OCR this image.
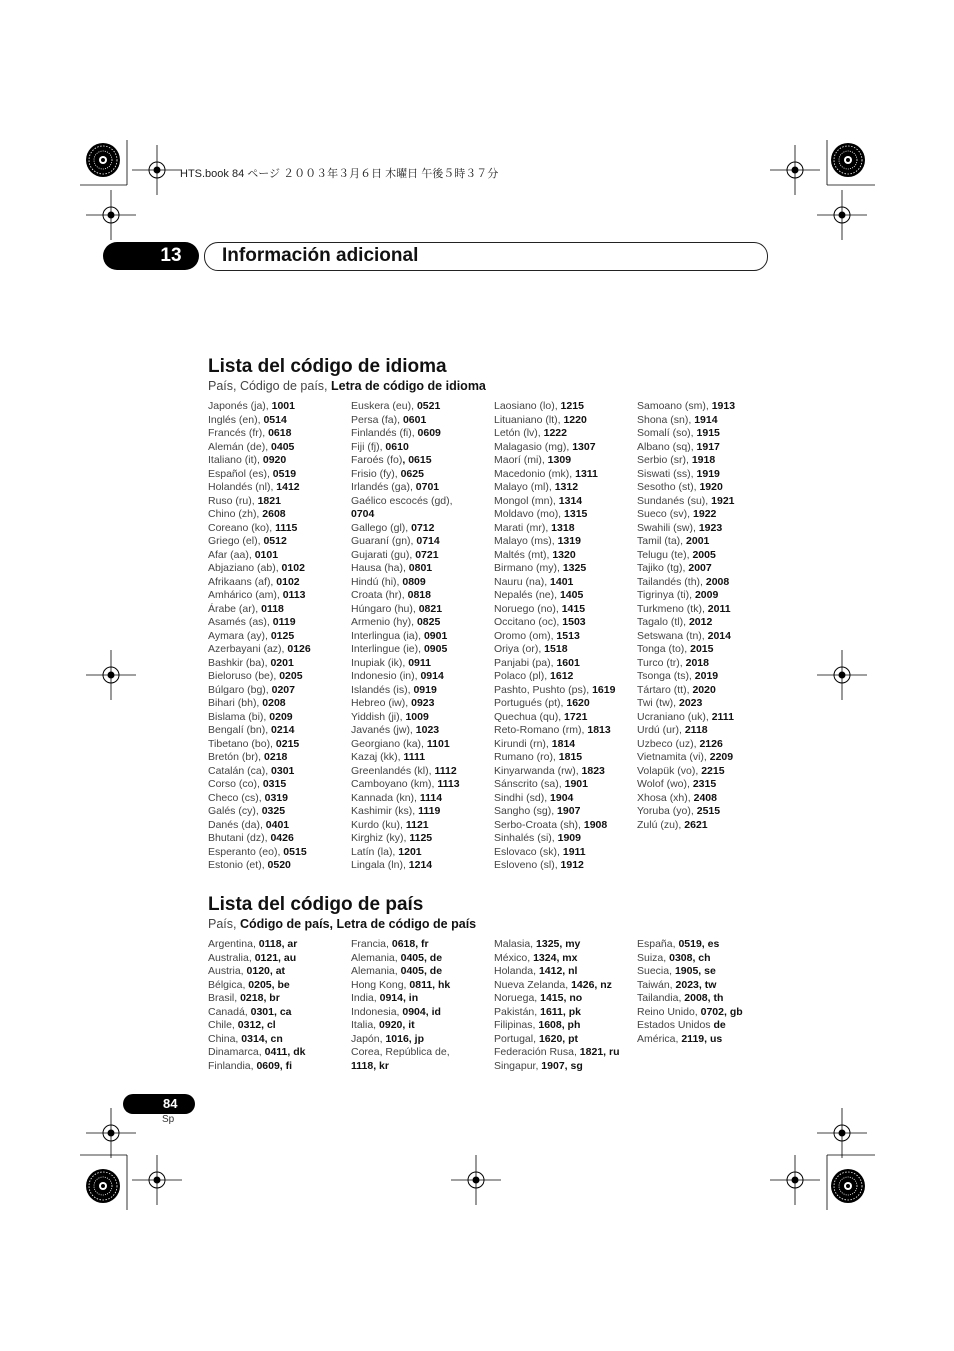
HTS.book 84 ページ ２００３年３月６日 木曜日 午後５時３７分
13	Información adicional
Lista del código de idioma
País, Código de país, Letra de código de idioma
Japonés (ja), 1001
Inglés (en), 0514
Francés (fr), 0618
Alemán (de), 0405
Italiano (it), 0920
Español (es), 0519
Holandés (nl), 1412
Ruso (ru), 1821
Chino (zh), 2608
Coreano (ko), 1115
Griego (el), 0512
Afar (aa), 0101
Abjaziano (ab), 0102
Afrikaans (af), 0102
Amhárico (am), 0113
Árabe (ar), 0118
Asamés (as), 0119
Aymara (ay), 0125
Azerbayani (az), 0126
Bashkir (ba), 0201
Bieloruso (be), 0205
Búlgaro (bg), 0207
Bihari (bh), 0208
Bislama (bi), 0209
Bengalí (bn), 0214
Tibetano (bo), 0215
Bretón (br), 0218
Catalán (ca), 0301
Corso (co), 0315
Checo (cs), 0319
Galés (cy), 0325
Danés (da), 0401
Bhutani (dz), 0426
Esperanto (eo), 0515
Estonio (et), 0520
Euskera (eu), 0521
Persa (fa), 0601
Finlandés (fi), 0609
Fiji (fj), 0610
Faroés (fo), 0615
Frisio (fy), 0625
Irlandés (ga), 0701
Gaélico escocés (gd),
0704
Gallego (gl), 0712
Guaraní (gn), 0714
Gujarati (gu), 0721
Hausa (ha), 0801
Hindú (hi), 0809
Croata (hr), 0818
Húngaro (hu), 0821
Armenio (hy), 0825
Interlingua (ia), 0901
Interlingue (ie), 0905
Inupiak (ik), 0911
Indonesio (in), 0914
Islandés (is), 0919
Hebreo (iw), 0923
Yiddish (ji), 1009
Javanés (jw), 1023
Georgiano (ka), 1101
Kazaj (kk), 1111
Greenlandés (kl), 1112
Camboyano (km), 1113
Kannada (kn), 1114
Kashimir (ks), 1119
Kurdo (ku), 1121
Kirghiz (ky), 1125
Latín (la), 1201
Lingala (ln), 1214
Laosiano (lo), 1215
Lituaniano (lt), 1220
Letón (lv), 1222
Malagasio (mg), 1307
Maorí (mi), 1309
Macedonio (mk), 1311
Malayo (ml), 1312
Mongol (mn), 1314
Moldavo (mo), 1315
Marati (mr), 1318
Malayo (ms), 1319
Maltés (mt), 1320
Birmano (my), 1325
Nauru (na), 1401
Nepalés (ne), 1405
Noruego (no), 1415
Occitano (oc), 1503
Oromo (om), 1513
Oriya (or), 1518
Panjabi (pa), 1601
Polaco (pl), 1612
Pashto, Pushto (ps), 1619
Portugués (pt), 1620
Quechua (qu), 1721
Reto-Romano (rm), 1813
Kirundi (rn), 1814
Rumano (ro), 1815
Kinyarwanda (rw), 1823
Sánscrito (sa), 1901
Sindhi (sd), 1904
Sangho (sg), 1907
Serbo-Croata (sh), 1908
Sinhalés (si), 1909
Eslovaco (sk), 1911
Esloveno (sl), 1912
Samoano (sm), 1913
Shona (sn), 1914
Somalí (so), 1915
Albano (sq), 1917
Serbio (sr), 1918
Siswati (ss), 1919
Sesotho (st), 1920
Sundanés (su), 1921
Sueco (sv), 1922
Swahili (sw), 1923
Tamil (ta), 2001
Telugu (te), 2005
Tajiko (tg), 2007
Tailandés (th), 2008
Tigrinya (ti), 2009
Turkmeno (tk), 2011
Tagalo (tl), 2012
Setswana (tn), 2014
Tonga (to), 2015
Turco (tr), 2018
Tsonga (ts), 2019
Tártaro (tt), 2020
Twi (tw), 2023
Ucraniano (uk), 2111
Urdú (ur), 2118
Uzbeco (uz), 2126
Vietnamita (vi), 2209
Volapük (vo), 2215
Wolof (wo), 2315
Xhosa (xh), 2408
Yoruba (yo), 2515
Zulú (zu), 2621
Lista del código de país
País, Código de país, Letra de código de país
Argentina, 0118, ar
Australia, 0121, au
Austria, 0120, at
Bélgica, 0205, be
Brasil, 0218, br
Canadá, 0301, ca
Chile, 0312, cl
China, 0314, cn
Dinamarca, 0411, dk
Finlandia, 0609, fi
Francia, 0618, fr
Alemania, 0405, de
Alemania, 0405, de
Hong Kong, 0811, hk
India, 0914, in
Indonesia, 0904, id
Italia, 0920, it
Japón, 1016, jp
Corea, República de,
1118, kr
Malasia, 1325, my
México, 1324, mx
Holanda, 1412, nl
Nueva Zelanda, 1426, nz
Noruega, 1415, no
Pakistán, 1611, pk
Filipinas, 1608, ph
Portugal, 1620, pt
Federación Rusa, 1821, ru
Singapur, 1907, sg
España, 0519, es
Suiza, 0308, ch
Suecia, 1905, se
Taiwán, 2023, tw
Tailandia, 2008, th
Reino Unido, 0702, gb
Estados Unidos de
América, 2119, us
84
Sp
